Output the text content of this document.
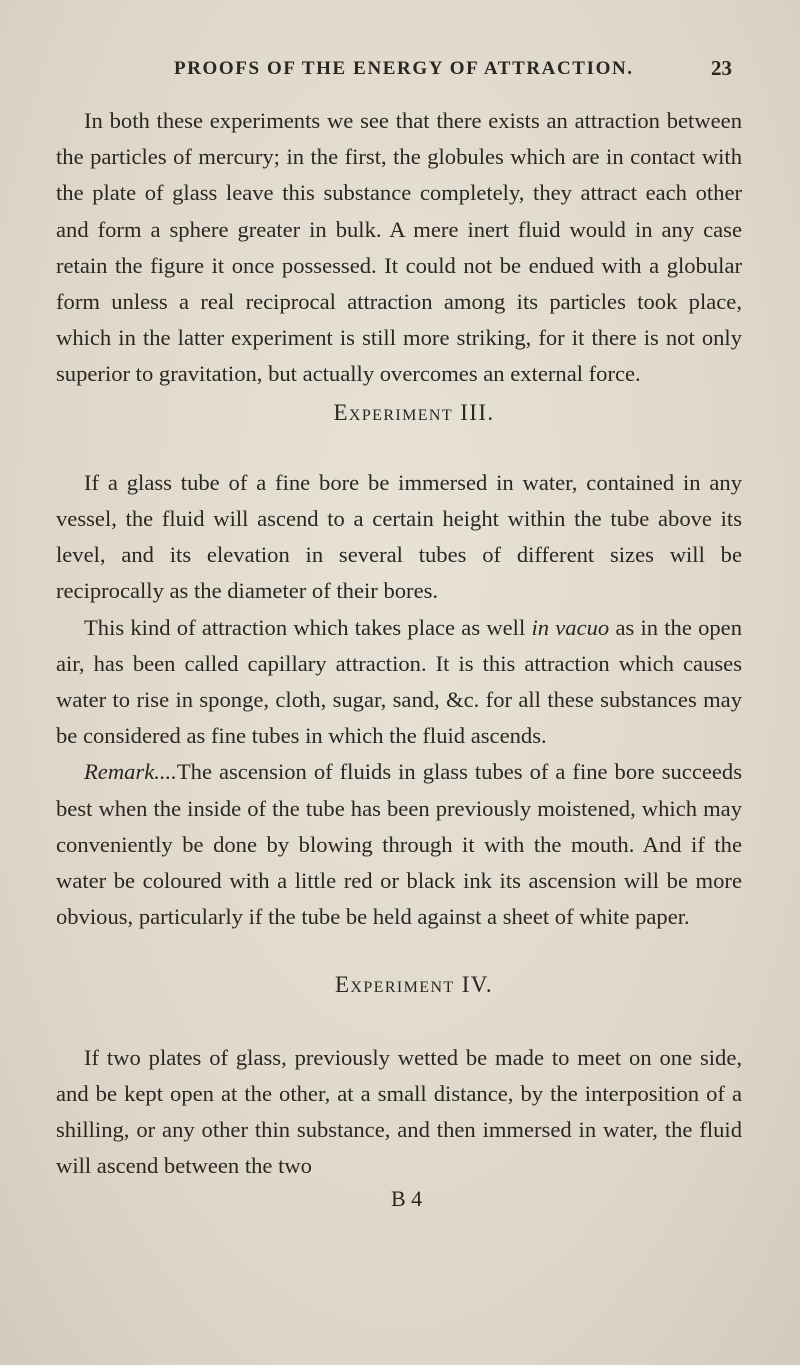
PROOFS OF THE ENERGY OF ATTRACTION.	23

In both these experiments we see that there exists an attraction between the particles of mercury; in the first, the globules which are in contact with the plate of glass leave this substance completely, they attract each other and form a sphere greater in bulk. A mere inert fluid would in any case retain the figure it once possessed. It could not be endued with a globular form unless a real reciprocal attraction among its particles took place, which in the latter experiment is still more striking, for it there is not only superior to gravitation, but actually overcomes an external force.

Experiment III.

If a glass tube of a fine bore be immersed in water, contained in any vessel, the fluid will ascend to a certain height within the tube above its level, and its elevation in several tubes of different sizes will be reciprocally as the diameter of their bores.

This kind of attraction which takes place as well in vacuo as in the open air, has been called capillary attraction. It is this attraction which causes water to rise in sponge, cloth, sugar, sand, &c. for all these substances may be considered as fine tubes in which the fluid ascends.

Remark....The ascension of fluids in glass tubes of a fine bore succeeds best when the inside of the tube has been previously moistened, which may conveniently be done by blowing through it with the mouth. And if the water be coloured with a little red or black ink its ascension will be more obvious, particularly if the tube be held against a sheet of white paper.

Experiment IV.

If two plates of glass, previously wetted be made to meet on one side, and be kept open at the other, at a small distance, by the interposition of a shilling, or any other thin substance, and then immersed in water, the fluid will ascend between the two

B 4
